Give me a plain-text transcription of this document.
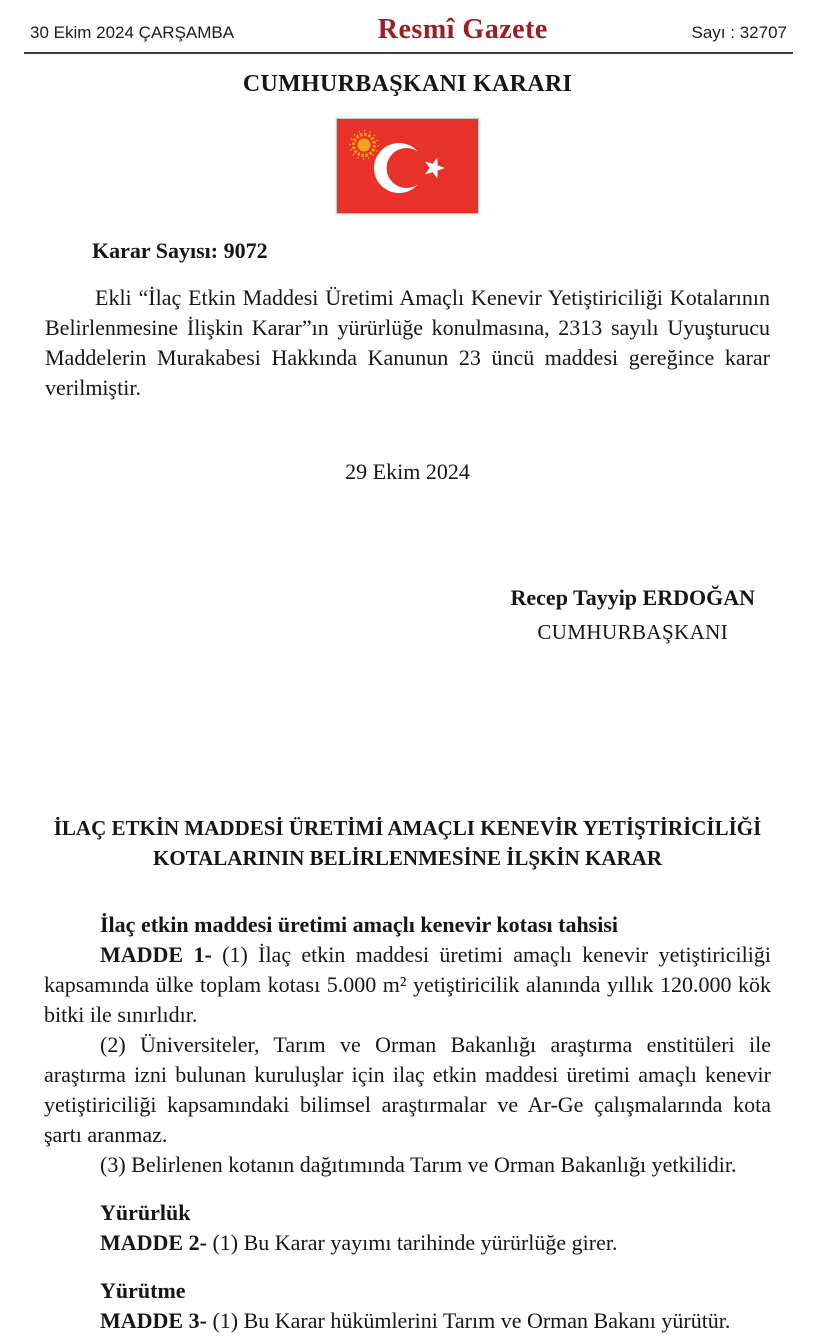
30 Ekim 2024 ÇARŞAMBA	Resmî Gazete	Sayı : 32707
CUMHURBAŞKANI KARARI

Karar Sayısı: 9072

Ekli “İlaç Etkin Maddesi Üretimi Amaçlı Kenevir Yetiştiriciliği Kotalarının Belirlenmesine İlişkin Karar”ın yürürlüğe konulmasına, 2313 sayılı Uyuşturucu Maddelerin Murakabesi Hakkında Kanunun 23 üncü maddesi gereğince karar verilmiştir.

29 Ekim 2024

Recep Tayyip ERDOĞAN
CUMHURBAŞKANI
İLAÇ ETKİN MADDESİ ÜRETİMİ AMAÇLI KENEVİR YETİŞTİRİCİLİĞİ
KOTALARININ BELİRLENMESİNE İLŞKİN KARAR

İlaç etkin maddesi üretimi amaçlı kenevir kotası tahsisi

MADDE 1- (1) İlaç etkin maddesi üretimi amaçlı kenevir yetiştiriciliği kapsamında ülke toplam kotası 5.000 m² yetiştiricilik alanında yıllık 120.000 kök bitki ile sınırlıdır.

(2) Üniversiteler, Tarım ve Orman Bakanlığı araştırma enstitüleri ile araştırma izni bulunan kuruluşlar için ilaç etkin maddesi üretimi amaçlı kenevir yetiştiriciliği kapsamındaki bilimsel araştırmalar ve Ar-Ge çalışmalarında kota şartı aranmaz.

(3) Belirlenen kotanın dağıtımında Tarım ve Orman Bakanlığı yetkilidir.

Yürürlük

MADDE 2- (1) Bu Karar yayımı tarihinde yürürlüğe girer.

Yürütme

MADDE 3- (1) Bu Karar hükümlerini Tarım ve Orman Bakanı yürütür.
